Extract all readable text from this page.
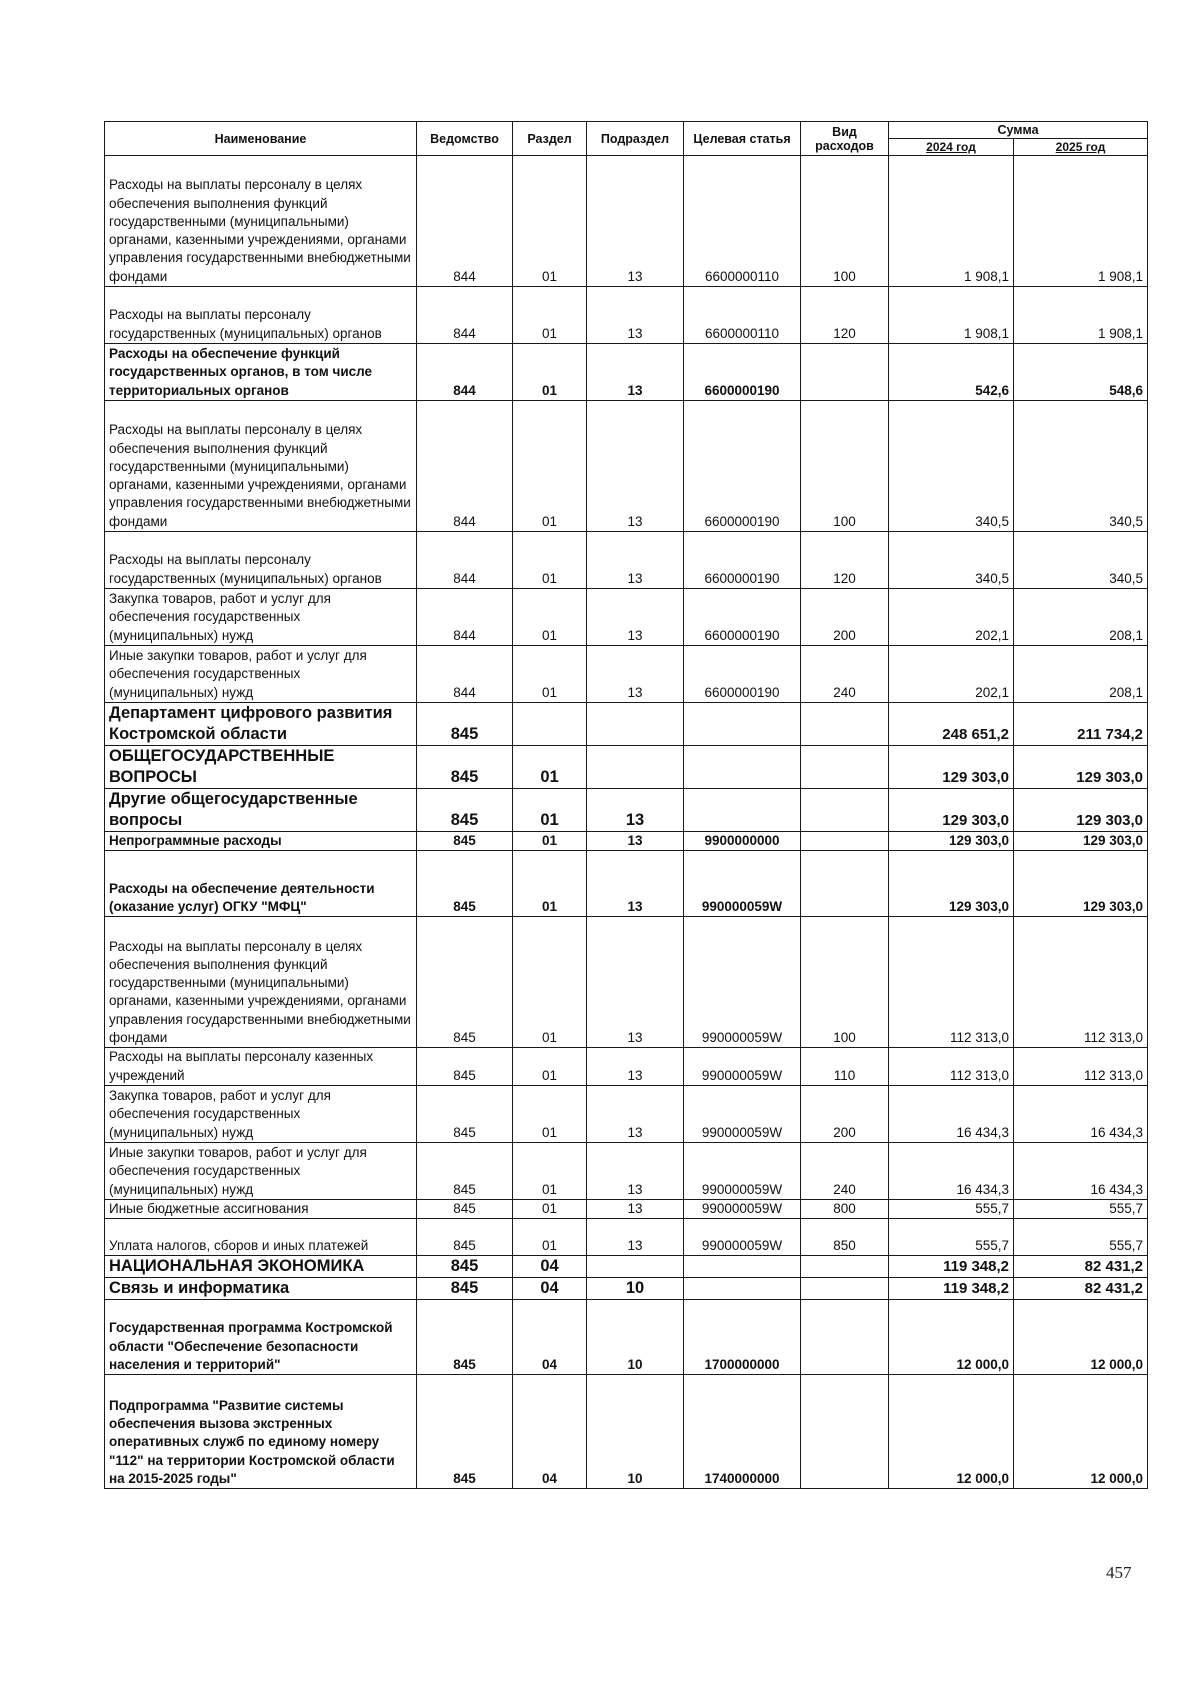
Наименование	Ведомство	Раздел	Подраздел	Целевая статья	Вид расходов	Сумма	
						2024 год	2025 год
Расходы на выплаты персоналу в целях обеспечения выполнения функций государственными (муниципальными) органами, казенными учреждениями, органами управления государственными внебюджетными фондами	844	01	13	6600000110	100	1 908,1	1 908,1
Расходы на выплаты персоналу государственных (муниципальных) органов	844	01	13	6600000110	120	1 908,1	1 908,1
Расходы на обеспечение функций государственных органов, в том числе территориальных органов	844	01	13	6600000190		542,6	548,6
Расходы на выплаты персоналу в целях обеспечения выполнения функций государственными (муниципальными) органами, казенными учреждениями, органами управления государственными внебюджетными фондами	844	01	13	6600000190	100	340,5	340,5
Расходы на выплаты персоналу государственных (муниципальных) органов	844	01	13	6600000190	120	340,5	340,5
Закупка товаров, работ и услуг для обеспечения государственных (муниципальных) нужд	844	01	13	6600000190	200	202,1	208,1
Иные закупки товаров, работ и услуг для обеспечения государственных (муниципальных) нужд	844	01	13	6600000190	240	202,1	208,1
Департамент цифрового развития Костромской области	845					248 651,2	211 734,2
ОБЩЕГОСУДАРСТВЕННЫЕ ВОПРОСЫ	845	01				129 303,0	129 303,0
Другие общегосударственные вопросы	845	01	13			129 303,0	129 303,0
Непрограммные расходы	845	01	13	9900000000		129 303,0	129 303,0
Расходы на обеспечение деятельности (оказание услуг) ОГКУ "МФЦ"	845	01	13	990000059W		129 303,0	129 303,0
Расходы на выплаты персоналу в целях обеспечения выполнения функций государственными (муниципальными) органами, казенными учреждениями, органами управления государственными внебюджетными фондами	845	01	13	990000059W	100	112 313,0	112 313,0
Расходы на выплаты персоналу казенных учреждений	845	01	13	990000059W	110	112 313,0	112 313,0
Закупка товаров, работ и услуг для обеспечения государственных (муниципальных) нужд	845	01	13	990000059W	200	16 434,3	16 434,3
Иные закупки товаров, работ и услуг для обеспечения государственных (муниципальных) нужд	845	01	13	990000059W	240	16 434,3	16 434,3
Иные бюджетные ассигнования	845	01	13	990000059W	800	555,7	555,7
Уплата налогов, сборов и иных платежей	845	01	13	990000059W	850	555,7	555,7
НАЦИОНАЛЬНАЯ ЭКОНОМИКА	845	04				119 348,2	82 431,2
Связь и информатика	845	04	10			119 348,2	82 431,2
Государственная программа Костромской области "Обеспечение безопасности населения и территорий"	845	04	10	1700000000		12 000,0	12 000,0
Подпрограмма "Развитие системы обеспечения вызова экстренных оперативных служб по единому номеру "112" на территории Костромской области на 2015-2025 годы"	845	04	10	1740000000		12 000,0	12 000,0
457
